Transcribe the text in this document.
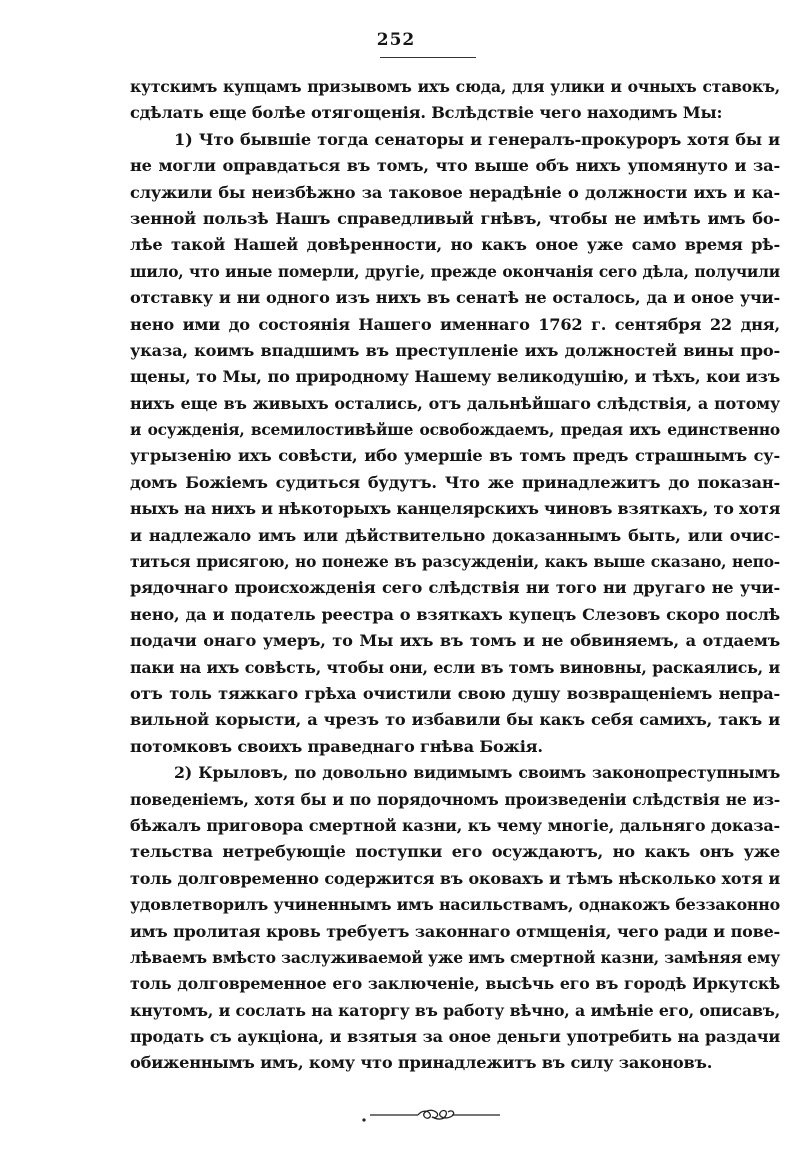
252
кутскимъ купцамъ призывомъ ихъ сюда, для улики и очныхъ ставокъ,
сдѣлать еще болѣе отягощенія. Вслѣдствіе чего находимъ Мы:
1) Что бывшіе тогда сенаторы и генералъ-прокуроръ хотя бы и
не могли оправдаться въ томъ, что выше объ нихъ упомянуто и за-
служили бы неизбѣжно за таковое нерадѣніе о должности ихъ и ка-
зенной пользѣ Нашъ справедливый гнѣвъ, чтобы не имѣть имъ бо-
лѣе такой Нашей довѣренности, но какъ оное уже само время рѣ-
шило, что иные померли, другіе, прежде окончанія сего дѣла, получили
отставку и ни одного изъ нихъ въ сенатѣ не осталось, да и оное учи-
нено ими до состоянія Нашего именнаго 1762 г. сентября 22 дня,
указа, коимъ впадшимъ въ преступленіе ихъ должностей вины про-
щены, то Мы, по природному Нашему великодушію, и тѣхъ, кои изъ
нихъ еще въ живыхъ остались, отъ дальнѣйшаго слѣдствія, а потому
и осужденія, всемилостивѣйше освобождаемъ, предая ихъ единственно
угрызенію ихъ совѣсти, ибо умершіе въ томъ предъ страшнымъ су-
домъ Божіемъ судиться будутъ. Что же принадлежитъ до показан-
ныхъ на нихъ и нѣкоторыхъ канцелярскихъ чиновъ взяткахъ, то хотя
и надлежало имъ или дѣйствительно доказаннымъ быть, или очис-
титься присягою, но понеже въ разсужденіи, какъ выше сказано, непо-
рядочнаго происхожденія сего слѣдствія ни того ни другаго не учи-
нено, да и податель реестра о взяткахъ купецъ Слезовъ скоро послѣ
подачи онаго умеръ, то Мы ихъ въ томъ и не обвиняемъ, а отдаемъ
паки на ихъ совѣсть, чтобы они, если въ томъ виновны, раскаялись, и
отъ толь тяжкаго грѣха очистили свою душу возвращеніемъ непра-
вильной корысти, а чрезъ то избавили бы какъ себя самихъ, такъ и
потомковъ своихъ праведнаго гнѣва Божія.
2) Крыловъ, по довольно видимымъ своимъ законопреступнымъ
поведеніемъ, хотя бы и по порядочномъ произведеніи слѣдствія не из-
бѣжалъ приговора смертной казни, къ чему многіе, дальняго доказа-
тельства нетребующіе поступки его осуждаютъ, но какъ онъ уже
толь долговременно содержится въ оковахъ и тѣмъ нѣсколько хотя и
удовлетворилъ учиненнымъ имъ насильствамъ, однакожъ беззаконно
имъ пролитая кровь требуетъ законнаго отмщенія, чего ради и пове-
лѣваемъ вмѣсто заслуживаемой уже имъ смертной казни, замѣняя ему
толь долговременное его заключеніе, высѣчь его въ городѣ Иркутскѣ
кнутомъ, и сослать на каторгу въ работу вѣчно, а имѣніе его, описавъ,
продать съ аукціона, и взятыя за оное деньги употребить на раздачи
обиженнымъ имъ, кому что принадлежитъ въ силу законовъ.
